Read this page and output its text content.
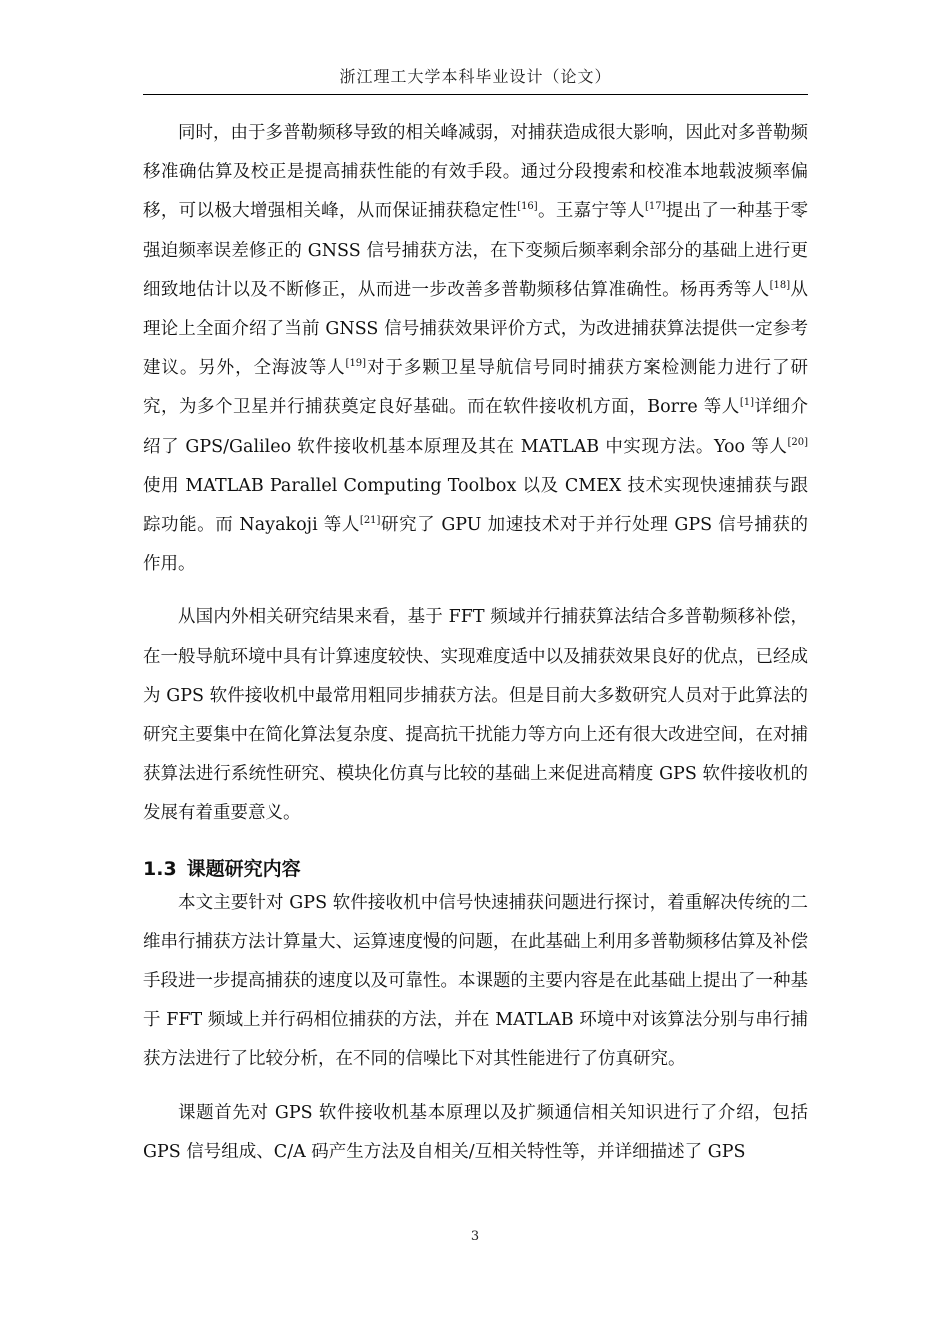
浙江理工大学本科毕业设计（论文）

同时，由于多普勒频移导致的相关峰减弱，对捕获造成很大影响，因此对多普勒频移准确估算及校正是提高捕获性能的有效手段。通过分段搜索和校准本地载波频率偏移，可以极大增强相关峰，从而保证捕获稳定性[16]。王嘉宁等人[17]提出了一种基于零强迫频率误差修正的 GNSS 信号捕获方法，在下变频后频率剩余部分的基础上进行更细致地估计以及不断修正，从而进一步改善多普勒频移估算准确性。杨再秀等人[18]从理论上全面介绍了当前 GNSS 信号捕获效果评价方式，为改进捕获算法提供一定参考建议。另外，仝海波等人[19]对于多颗卫星导航信号同时捕获方案检测能力进行了研究，为多个卫星并行捕获奠定良好基础。而在软件接收机方面，Borre 等人[1]详细介绍了 GPS/Galileo 软件接收机基本原理及其在 MATLAB 中实现方法。Yoo 等人[20]使用 MATLAB Parallel Computing Toolbox 以及 CMEX 技术实现快速捕获与跟踪功能。而 Nayakoji 等人[21]研究了 GPU 加速技术对于并行处理 GPS 信号捕获的作用。

从国内外相关研究结果来看，基于 FFT 频域并行捕获算法结合多普勒频移补偿，在一般导航环境中具有计算速度较快、实现难度适中以及捕获效果良好的优点，已经成为 GPS 软件接收机中最常用粗同步捕获方法。但是目前大多数研究人员对于此算法的研究主要集中在简化算法复杂度、提高抗干扰能力等方向上还有很大改进空间，在对捕获算法进行系统性研究、模块化仿真与比较的基础上来促进高精度 GPS 软件接收机的发展有着重要意义。

1.3 课题研究内容

本文主要针对 GPS 软件接收机中信号快速捕获问题进行探讨，着重解决传统的二维串行捕获方法计算量大、运算速度慢的问题，在此基础上利用多普勒频移估算及补偿手段进一步提高捕获的速度以及可靠性。本课题的主要内容是在此基础上提出了一种基于 FFT 频域上并行码相位捕获的方法，并在 MATLAB 环境中对该算法分别与串行捕获方法进行了比较分析，在不同的信噪比下对其性能进行了仿真研究。

课题首先对 GPS 软件接收机基本原理以及扩频通信相关知识进行了介绍，包括 GPS 信号组成、C/A 码产生方法及自相关/互相关特性等，并详细描述了 GPS

3
